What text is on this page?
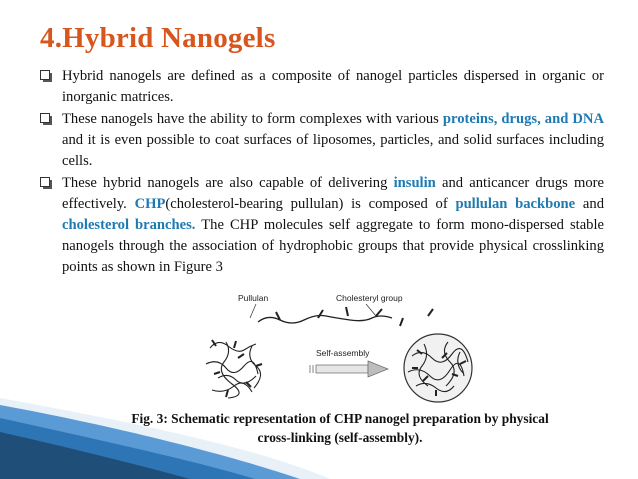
4.Hybrid Nanogels

Hybrid nanogels are defined as a composite of nanogel particles dispersed in organic or inorganic matrices.

These nanogels have the ability to form complexes with various proteins, drugs, and DNA and it is even possible to coat surfaces of liposomes, particles, and solid surfaces including cells.

These hybrid nanogels are also capable of delivering insulin and anticancer drugs more effectively. CHP(cholesterol-bearing pullulan) is composed of pullulan backbone and cholesterol branches. The CHP molecules self aggregate to form mono-dispersed stable nanogels through the association of hydrophobic groups that provide physical crosslinking points as shown in Figure 3

Pullulan	Cholesteryl group
Self-assembly
Fig. 3: Schematic representation of CHP nanogel preparation by physical
cross-linking (self-assembly).
